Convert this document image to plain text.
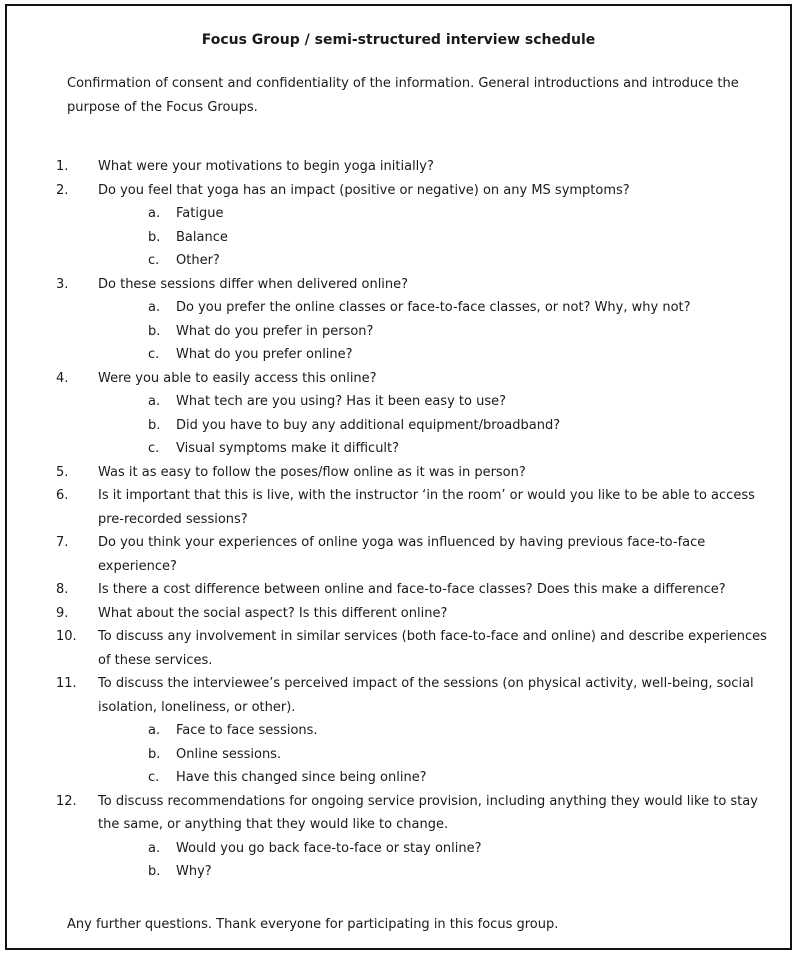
Focus Group / semi-structured interview schedule

Confirmation of consent and confidentiality of the information. General introductions and introduce the purpose of the Focus Groups.

1. What were your motivations to begin yoga initially?
2. Do you feel that yoga has an impact (positive or negative) on any MS symptoms?
a. Fatigue
b. Balance
c. Other?
3. Do these sessions differ when delivered online?
a. Do you prefer the online classes or face-to-face classes, or not? Why, why not?
b. What do you prefer in person?
c. What do you prefer online?
4. Were you able to easily access this online?
a. What tech are you using? Has it been easy to use?
b. Did you have to buy any additional equipment/broadband?
c. Visual symptoms make it difficult?
5. Was it as easy to follow the poses/flow online as it was in person?
6. Is it important that this is live, with the instructor ‘in the room’ or would you like to be able to access pre-recorded sessions?
7. Do you think your experiences of online yoga was influenced by having previous face-to-face experience?
8. Is there a cost difference between online and face-to-face classes? Does this make a difference?
9. What about the social aspect? Is this different online?
10. To discuss any involvement in similar services (both face-to-face and online) and describe experiences of these services.
11. To discuss the interviewee’s perceived impact of the sessions (on physical activity, well-being, social isolation, loneliness, or other).
a. Face to face sessions.
b. Online sessions.
c. Have this changed since being online?
12. To discuss recommendations for ongoing service provision, including anything they would like to stay the same, or anything that they would like to change.
a. Would you go back face-to-face or stay online?
b. Why?

Any further questions. Thank everyone for participating in this focus group.
